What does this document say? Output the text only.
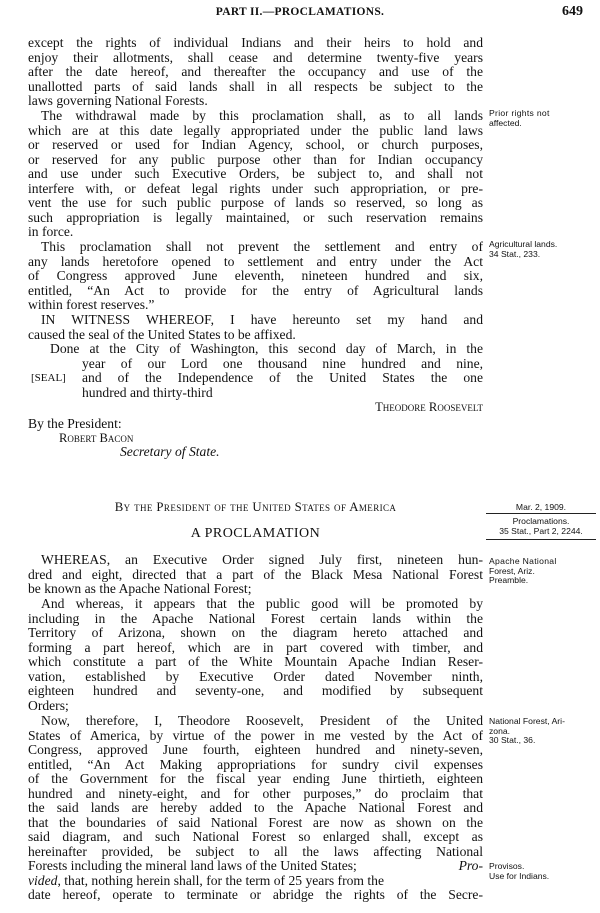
PART II.—PROCLAMATIONS.	649
except the rights of individual Indians and their heirs to hold and
enjoy their allotments, shall cease and determine twenty-five years
after the date hereof, and thereafter the occupancy and use of the
unallotted parts of said lands shall in all respects be subject to the
laws governing National Forests.
The withdrawal made by this proclamation shall, as to all lands
which are at this date legally appropriated under the public land laws
or reserved or used for Indian Agency, school, or church purposes,
or reserved for any public purpose other than for Indian occupancy
and use under such Executive Orders, be subject to, and shall not
interfere with, or defeat legal rights under such appropriation, or pre-
vent the use for such public purpose of lands so reserved, so long as
such appropriation is legally maintained, or such reservation remains
in force.
This proclamation shall not prevent the settlement and entry of
any lands heretofore opened to settlement and entry under the Act
of Congress approved June eleventh, nineteen hundred and six,
entitled, “An Act to provide for the entry of Agricultural lands
within forest reserves.”
IN WITNESS WHEREOF, I have hereunto set my hand and
caused the seal of the United States to be affixed.
Done at the City of Washington, this second day of March, in the
year of our Lord one thousand nine hundred and nine,
[SEAL]	and of the Independence of the United States the one
hundred and thirty-third
Theodore Roosevelt
By the President:
Robert Bacon
Secretary of State.
By the President of the United States of America
A PROCLAMATION
WHEREAS, an Executive Order signed July first, nineteen hun-
dred and eight, directed that a part of the Black Mesa National Forest
be known as the Apache National Forest;
And whereas, it appears that the public good will be promoted by
including in the Apache National Forest certain lands within the
Territory of Arizona, shown on the diagram hereto attached and
forming a part hereof, which are in part covered with timber, and
which constitute a part of the White Mountain Apache Indian Reser-
vation, established by Executive Order dated November ninth,
eighteen hundred and seventy-one, and modified by subsequent
Orders;
Now, therefore, I, Theodore Roosevelt, President of the United
States of America, by virtue of the power in me vested by the Act of
Congress, approved June fourth, eighteen hundred and ninety-seven,
entitled, “An Act Making appropriations for sundry civil expenses
of the Government for the fiscal year ending June thirtieth, eighteen
hundred and ninety-eight, and for other purposes,” do proclaim that
the said lands are hereby added to the Apache National Forest and
that the boundaries of said National Forest are now as shown on the
said diagram, and such National Forest so enlarged shall, except as
hereinafter provided, be subject to all the laws affecting National
Forests including the mineral land laws of the United States;	Pro-
vided, that, nothing herein shall, for the term of 25 years from the
date hereof, operate to terminate or abridge the rights of the Secre-
Prior rights not
affected.
Agricultural lands.
34 Stat., 233.
Mar. 2, 1909.
Proclamations.
35 Stat., Part 2, 2244.
Apache National
Forest, Ariz.
Preamble.
National Forest, Ari-
zona.
30 Stat., 36.
Provisos.
Use for Indians.
